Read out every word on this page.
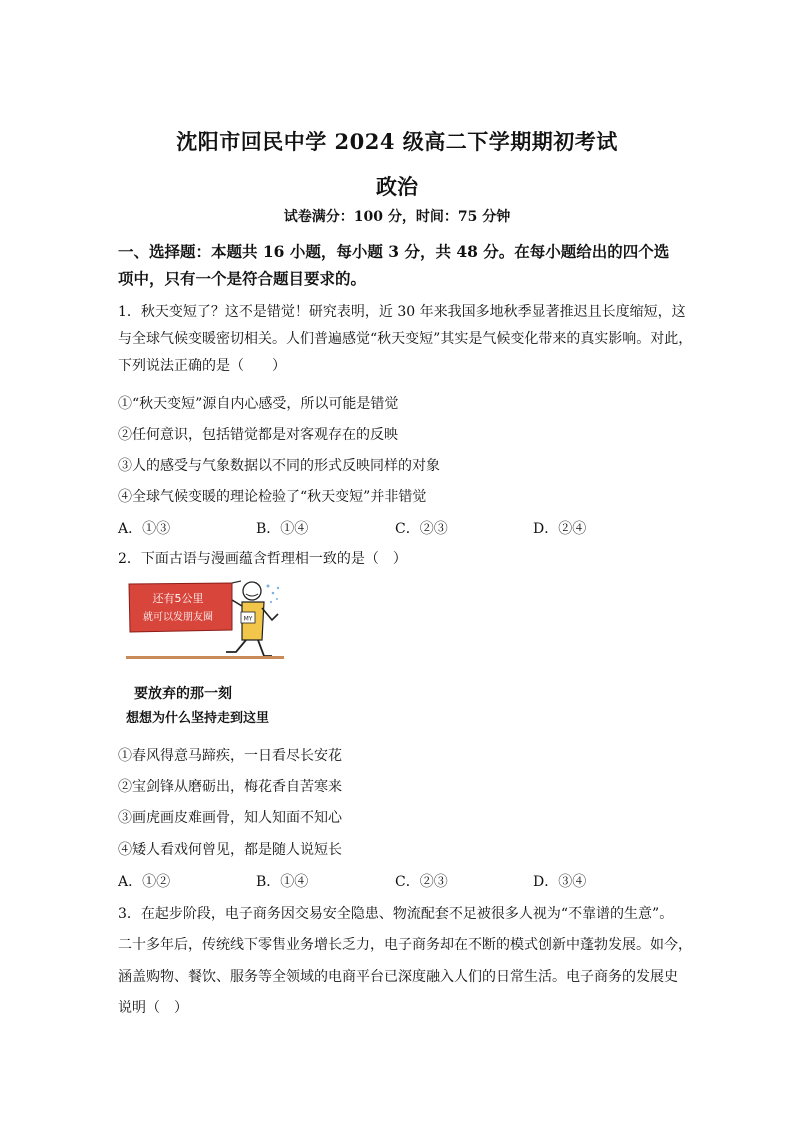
沈阳市回民中学 2024 级高二下学期期初考试
政治
试卷满分：100 分，时间：75 分钟
一、选择题：本题共 16 小题，每小题 3 分，共 48 分。在每小题给出的四个选
项中，只有一个是符合题目要求的。
1．秋天变短了？这不是错觉！研究表明，近 30 年来我国多地秋季显著推迟且长度缩短，这
与全球气候变暖密切相关。人们普遍感觉“秋天变短”其实是气候变化带来的真实影响。对此，
下列说法正确的是（　　）
①“秋天变短”源自内心感受，所以可能是错觉
②任何意识，包括错觉都是对客观存在的反映
③人的感受与气象数据以不同的形式反映同样的对象
④全球气候变暖的理论检验了“秋天变短”并非错觉
A．①③	B．①④	C．②③	D．②④
2．下面古语与漫画蕴含哲理相一致的是（　）
还有5公里
就可以发朋友圈	MY
要放弃的那一刻
想想为什么坚持走到这里
①春风得意马蹄疾，一日看尽长安花
②宝剑锋从磨砺出，梅花香自苦寒来
③画虎画皮难画骨，知人知面不知心
④矮人看戏何曾见，都是随人说短长
A．①②	B．①④	C．②③	D．③④
3．在起步阶段，电子商务因交易安全隐患、物流配套不足被很多人视为“不靠谱的生意”。
二十多年后，传统线下零售业务增长乏力，电子商务却在不断的模式创新中蓬勃发展。如今，
涵盖购物、餐饮、服务等全领域的电商平台已深度融入人们的日常生活。电子商务的发展史
说明（　）
